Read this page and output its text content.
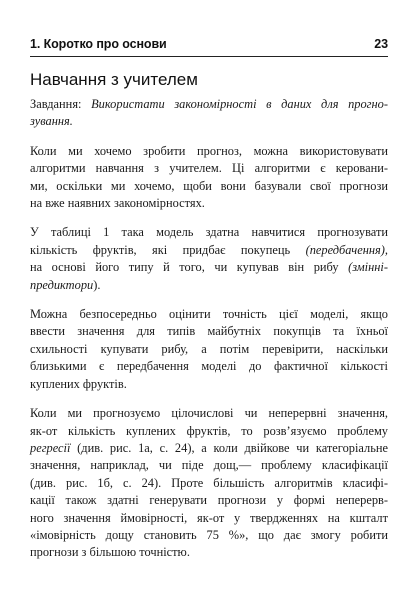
1. Коротко про основи	23
Навчання з учителем

Завдання: Використати закономірності в даних для прогно-
зування.

Коли ми хочемо зробити прогноз, можна використовувати
алгоритми навчання з учителем. Ці алгоритми є керовани-
ми, оскільки ми хочемо, щоби вони базували свої прогнози
на вже наявних закономірностях.

У таблиці 1 така модель здатна навчитися прогнозувати
кількість фруктів, які придбає покупець (передбачення),
на основі його типу й того, чи купував він рибу (змінні-
предиктори).

Можна безпосередньо оцінити точність цієї моделі, якщо
ввести значення для типів майбутніх покупців та їхньої
схильності купувати рибу, а потім перевірити, наскільки
близькими є передбачення моделі до фактичної кількості
куплених фруктів.

Коли ми прогнозуємо цілочислові чи неперервні значення,
як-от кількість куплених фруктів, то розв’язуємо проблему
регресії (див. рис. 1а, с. 24), а коли двійкове чи категоріальне
значення, наприклад, чи піде дощ,— проблему класифікації
(див. рис. 1б, с. 24). Проте більшість алгоритмів класифі-
кації також здатні генерувати прогнози у формі неперерв-
ного значення ймовірності, як-от у твердженнях на кшталт
«імовірність дощу становить 75 %», що дає змогу робити
прогнози з більшою точністю.
